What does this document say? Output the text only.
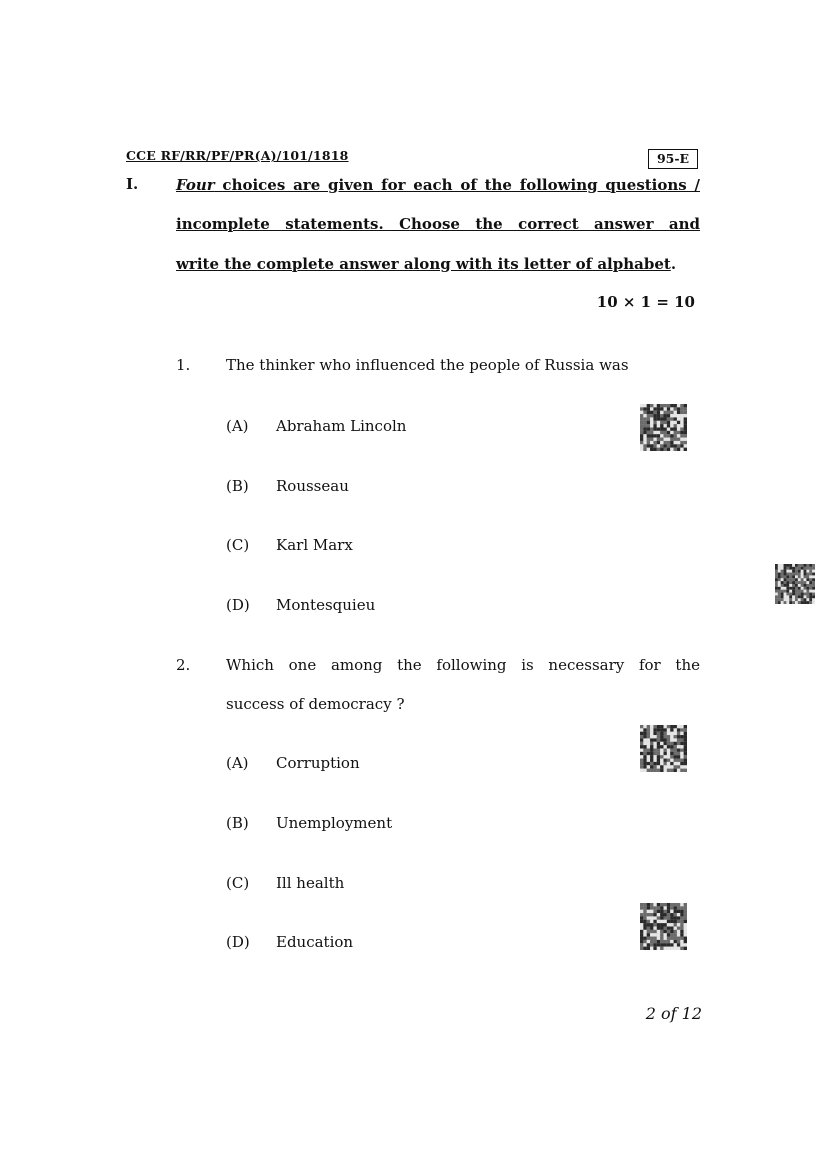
CCE RF/RR/PF/PR(A)/101/1818	95-E
I.	Four choices are given for each of the following questions /
incomplete statements. Choose the correct answer and
write the complete answer along with its letter of alphabet.
10 × 1 = 10
1. The thinker who influenced the people of Russia was
(A) Abraham Lincoln
(B) Rousseau
(C) Karl Marx
(D) Montesquieu
2. Which one among the following is necessary for the
success of democracy ?
(A) Corruption
(B) Unemployment
(C) Ill health
(D) Education
2 of 12
